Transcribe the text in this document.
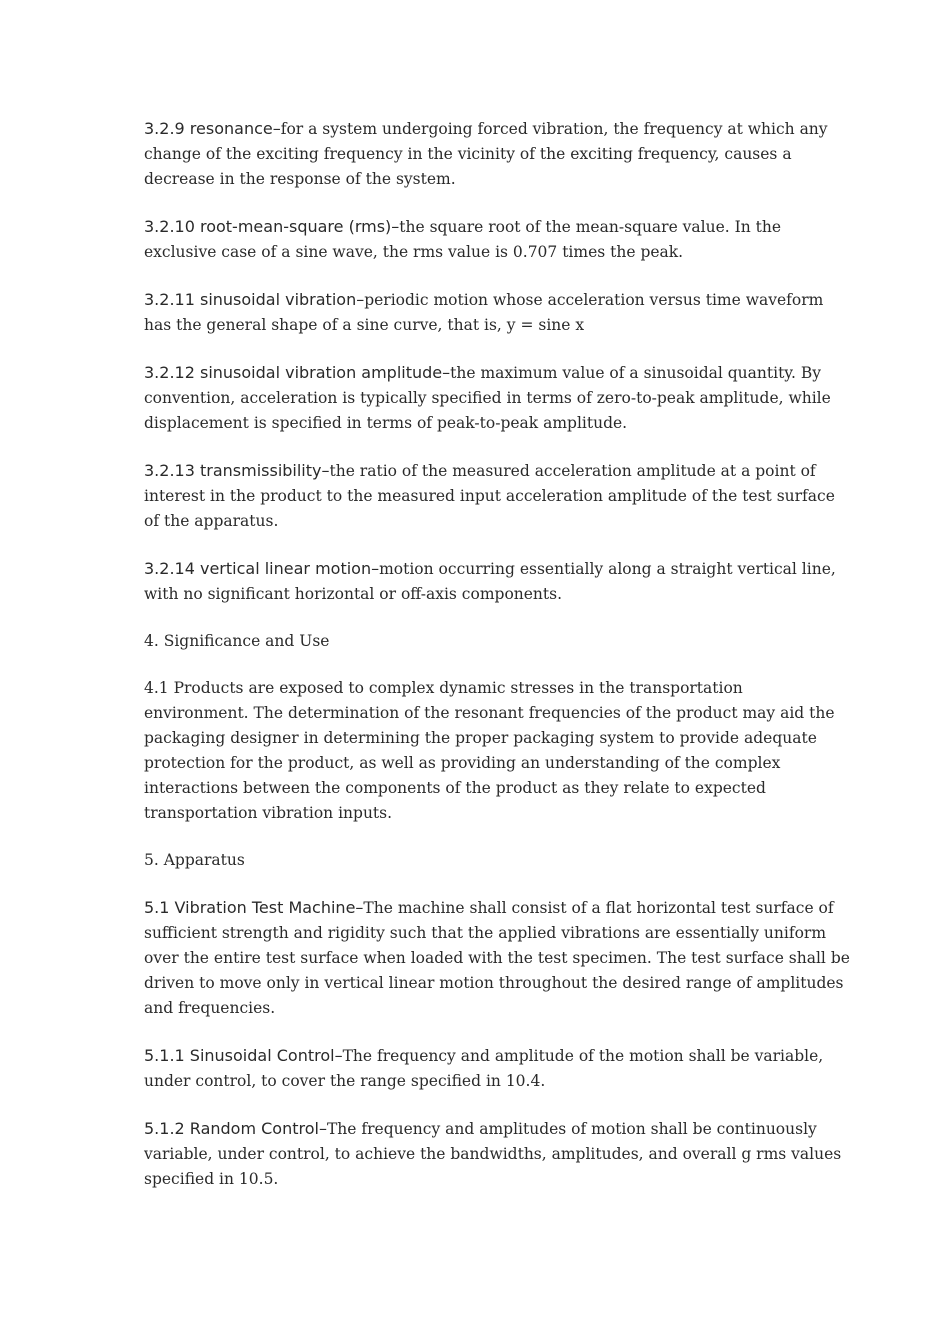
3.2.9 resonance–for a system undergoing forced vibration, the frequency at which any change of the exciting frequency in the vicinity of the exciting frequency, causes a decrease in the response of the system.

3.2.10 root-mean-square (rms)–the square root of the mean-square value. In the exclusive case of a sine wave, the rms value is 0.707 times the peak.

3.2.11 sinusoidal vibration–periodic motion whose acceleration versus time waveform has the general shape of a sine curve, that is, y = sine x

3.2.12 sinusoidal vibration amplitude–the maximum value of a sinusoidal quantity. By convention, acceleration is typically specified in terms of zero-to-peak amplitude, while displacement is specified in terms of peak-to-peak amplitude.

3.2.13 transmissibility–the ratio of the measured acceleration amplitude at a point of interest in the product to the measured input acceleration amplitude of the test surface of the apparatus.

3.2.14 vertical linear motion–motion occurring essentially along a straight vertical line, with no significant horizontal or off-axis components.

4. Significance and Use

4.1 Products are exposed to complex dynamic stresses in the transportation environment. The determination of the resonant frequencies of the product may aid the packaging designer in determining the proper packaging system to provide adequate protection for the product, as well as providing an understanding of the complex interactions between the components of the product as they relate to expected transportation vibration inputs.

5. Apparatus

5.1 Vibration Test Machine–The machine shall consist of a flat horizontal test surface of sufficient strength and rigidity such that the applied vibrations are essentially uniform over the entire test surface when loaded with the test specimen. The test surface shall be driven to move only in vertical linear motion throughout the desired range of amplitudes and frequencies.

5.1.1 Sinusoidal Control–The frequency and amplitude of the motion shall be variable, under control, to cover the range specified in 10.4.

5.1.2 Random Control–The frequency and amplitudes of motion shall be continuously variable, under control, to achieve the bandwidths, amplitudes, and overall g rms values specified in 10.5.
